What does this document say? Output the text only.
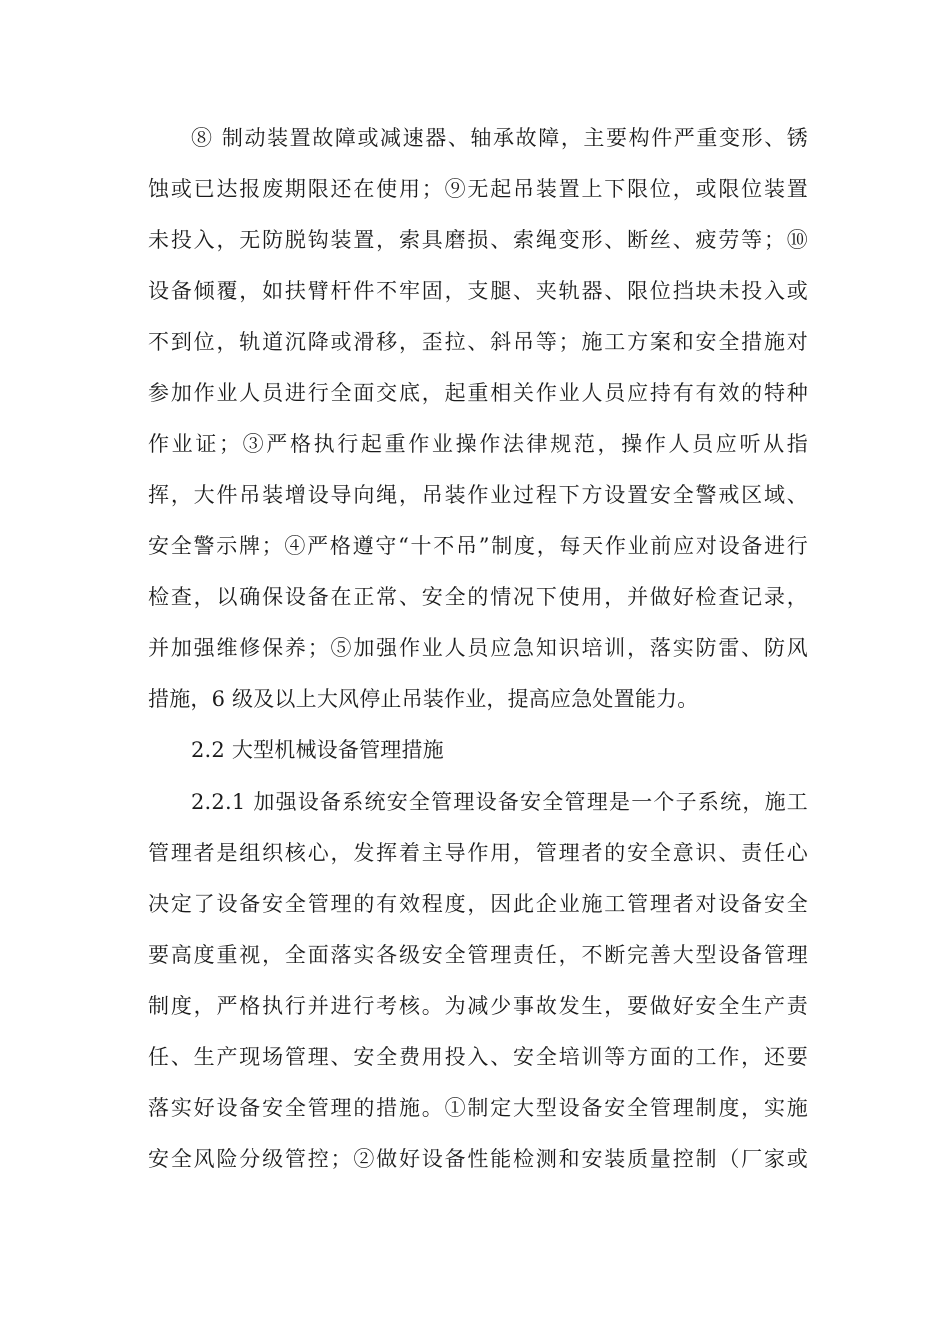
⑧ 制动装置故障或减速器、轴承故障，主要构件严重变形、锈
蚀或已达报废期限还在使用；⑨无起吊装置上下限位，或限位装置
未投入，无防脱钩装置，索具磨损、索绳变形、断丝、疲劳等；⑩
设备倾覆，如扶臂杆件不牢固，支腿、夹轨器、限位挡块未投入或
不到位，轨道沉降或滑移，歪拉、斜吊等；施工方案和安全措施对
参加作业人员进行全面交底，起重相关作业人员应持有有效的特种
作业证；③严格执行起重作业操作法律规范，操作人员应听从指
挥，大件吊装增设导向绳，吊装作业过程下方设置安全警戒区域、
安全警示牌；④严格遵守“十不吊”制度，每天作业前应对设备进行
检查，以确保设备在正常、安全的情况下使用，并做好检查记录，
并加强维修保养；⑤加强作业人员应急知识培训，落实防雷、防风
措施，6 级及以上大风停止吊装作业，提高应急处置能力。
2.2 大型机械设备管理措施
2.2.1 加强设备系统安全管理设备安全管理是一个子系统，施工
管理者是组织核心，发挥着主导作用，管理者的安全意识、责任心
决定了设备安全管理的有效程度，因此企业施工管理者对设备安全
要高度重视，全面落实各级安全管理责任，不断完善大型设备管理
制度，严格执行并进行考核。为减少事故发生，要做好安全生产责
任、生产现场管理、安全费用投入、安全培训等方面的工作，还要
落实好设备安全管理的措施。①制定大型设备安全管理制度，实施
安全风险分级管控；②做好设备性能检测和安装质量控制（厂家或
